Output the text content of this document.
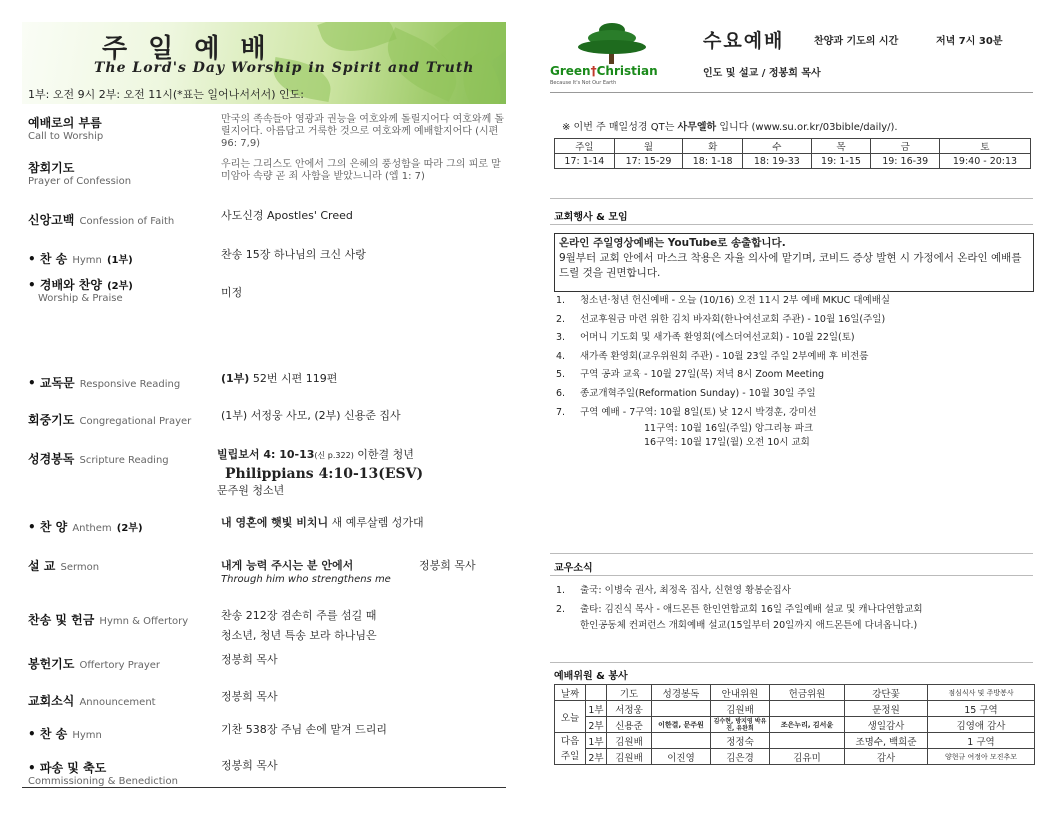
주 일 예 배
The Lord's Day Worship in Spirit and Truth
1부: 오전 9시 2부: 오전 11시(*표는 일어나서서서) 인도:
예배로의 부름
Call to Worship
만국의 족속들아 영광과 권능을 여호와께 돌릴지어다 여호와께 돌릴지어다. 아름답고 거룩한 것으로 여호와께 예배할지어다 (시편 96: 7,9)
참회기도
Prayer of Confession
우리는 그리스도 안에서 그의 은혜의 풍성함을 따라 그의 피로 말미암아 속량 곧 죄 사함을 받았느니라 (엡 1: 7)
신앙고백 Confession of Faith	사도신경 Apostles' Creed
• 찬 송 Hymn (1부)	찬송 15장 하나님의 크신 사랑
• 경배와 찬양 (2부)
Worship & Praise	미정
• 교독문 Responsive Reading	(1부) 52번 시편 119편
회중기도 Congregational Prayer	(1부) 서정웅 사모, (2부) 신용준 집사
성경봉독 Scripture Reading	빌립보서 4: 10-13(신 p.322) 이한결 청년
Philippians 4:10-13(ESV)
문주원 청소년
• 찬 양 Anthem (2부)	내 영혼에 햇빛 비치니 새 예루살렘 성가대
설 교 Sermon	내게 능력 주시는 분 안에서	정봉희 목사
Through him who strengthens me
찬송 및 헌금 Hymn & Offertory	찬송 212장 겸손히 주를 섬길 때
청소년, 청년 특송 보라 하나님은
봉헌기도 Offertory Prayer	정봉희 목사
교회소식 Announcement	정봉희 목사
• 찬 송 Hymn	기찬 538장 주님 손에 맡겨 드리리
• 파송 및 축도
Commissioning & Benediction
정봉희 목사
Green†Christian
Because It's Not Our Earth
수요예배	찬양과 기도의 시간	저녁 7시 30분
인도 및 설교 / 정봉희 목사
※ 이번 주 매일성경 QT는 사무엘하 입니다 (www.su.or.kr/03bible/daily/).
주일	월	화	수	목	금	토
17: 1-14	17: 15-29	18: 1-18	18: 19-33	19: 1-15	19: 16-39	19:40 - 20:13
교회행사 & 모임
온라인 주일영상예배는 YouTube로 송출합니다.
9월부터 교회 안에서 마스크 착용은 자율 의사에 맡기며, 코비드 증상 발현 시 가정에서 온라인 예배를 드릴 것을 권면합니다.
1. 청소년·청년 헌신예배 - 오늘 (10/16) 오전 11시 2부 예배 MKUC 대예배실
2. 선교후원금 마련 위한 김치 바자회(한나여선교회 주관) - 10월 16일(주일)
3. 어머니 기도회 및 새가족 환영회(에스더여선교회) - 10월 22일(토)
4. 새가족 환영회(교우위원회 주관) - 10월 23일 주일 2부예배 후 비전룸
5. 구역 공과 교육 - 10월 27일(목) 저녁 8시 Zoom Meeting
6. 종교개혁주일(Reformation Sunday) - 10월 30일 주일
7. 구역 예배 - 7구역: 10월 8일(토) 낮 12시 박경훈, 강미선
11구역: 10월 16일(주일) 앙그리뇽 파크
16구역: 10월 17일(월) 오전 10시 교회
교우소식
1. 출국: 이병숙 권사, 최정옥 집사, 신현영 황봉순집사
2. 출타: 김진식 목사 - 애드몬튼 한인연합교회 16일 주일예배 설교 및 캐나다연합교회
한인공동체 컨퍼런스 개회예배 설교(15일부터 20일까지 애드몬튼에 다녀옵니다.)
예배위원 & 봉사
날짜		기도	성경봉독	안내위원	헌금위원	강단꽃	점심식사 및 주방봉사
오늘	1부	서정웅		김원배		문정원	15 구역
	2부	신용준	이한결, 문주원	김수현, 방지영 박유진, 유완희	조은누리, 김서윤	생일감사	김영애 감사
다음 주일	1부	김원배		정정숙		조명수, 백희준	1 구역
	2부	김원배	이진영	김은경	김유미	감사	양현규 여정아 모진추모
